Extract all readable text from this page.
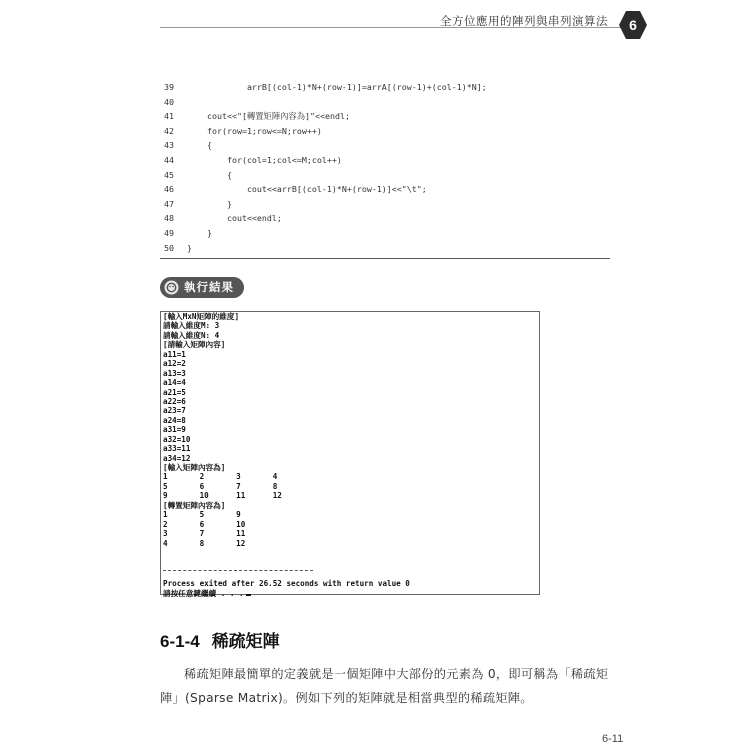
全方位應用的陣列與串列演算法	6
39	arrB[(col-1)*N+(row-1)]=arrA[(row-1)+(col-1)*N];
40
41	cout<<"[轉置矩陣內容為]"<<endl;
42	for(row=1;row<=N;row++)
43	{
44	for(col=1;col<=M;col++)
45	{
46	cout<<arrB[(col-1)*N+(row-1)]<<"\t";
47	}
48	cout<<endl;
49	}
50	}
執行結果
[輸入MxN矩陣的維度]
請輸入維度M: 3
請輸入維度N: 4
[請輸入矩陣內容]
a11=1
a12=2
a13=3
a14=4
a21=5
a22=6
a23=7
a24=8
a31=9
a32=10
a33=11
a34=12
[輸入矩陣內容為]
1       2       3       4
5       6       7       8
9       10      11      12
[轉置矩陣內容為]
1       5       9
2       6       10
3       7       11
4       8       12
Process exited after 26.52 seconds with return value 0
請按任意鍵繼續 . . .
6-1-4 稀疏矩陣
稀疏矩陣最簡單的定義就是一個矩陣中大部份的元素為 0，即可稱為「稀疏矩陣」(Sparse Matrix)。例如下列的矩陣就是相當典型的稀疏矩陣。
6-11
